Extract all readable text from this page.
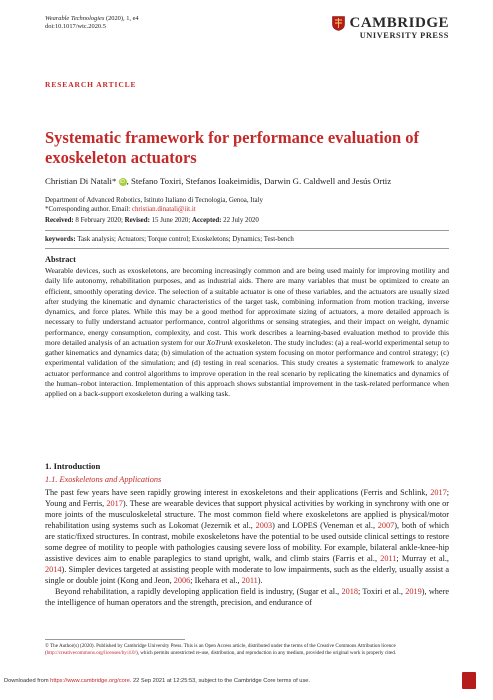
Wearable Technologies (2020), 1, e4
doi:10.1017/wtc.2020.5	CAMBRIDGE
UNIVERSITY PRESS
RESEARCH ARTICLE
Systematic framework for performance evaluation of exoskeleton actuators
Christian Di Natali* iD , Stefano Toxiri, Stefanos Ioakeimidis, Darwin G. Caldwell and Jesús Ortiz
Department of Advanced Robotics, Istituto Italiano di Tecnologia, Genoa, Italy
*Corresponding author. Email: christian.dinatali@iit.it
Received: 8 February 2020; Revised: 15 June 2020; Accepted: 22 July 2020
keywords: Task analysis; Actuators; Torque control; Exoskeletons; Dynamics; Test-bench
Abstract
Wearable devices, such as exoskeletons, are becoming increasingly common and are being used mainly for improving motility and daily life autonomy, rehabilitation purposes, and as industrial aids. There are many variables that must be optimized to create an efficient, smoothly operating device. The selection of a suitable actuator is one of these variables, and the actuators are usually sized after studying the kinematic and dynamic characteristics of the target task, combining information from motion tracking, inverse dynamics, and force plates. While this may be a good method for approximate sizing of actuators, a more detailed approach is necessary to fully understand actuator performance, control algorithms or sensing strategies, and their impact on weight, dynamic performance, energy consumption, complexity, and cost. This work describes a learning-based evaluation method to provide this more detailed analysis of an actuation system for our XoTrunk exoskeleton. The study includes: (a) a real-world experimental setup to gather kinematics and dynamics data; (b) simulation of the actuation system focusing on motor performance and control strategy; (c) experimental validation of the simulation; and (d) testing in real scenarios. This study creates a systematic framework to analyze actuator performance and control algorithms to improve operation in the real scenario by replicating the kinematics and dynamics of the human–robot interaction. Implementation of this approach shows substantial improvement in the task-related performance when applied on a back-support exoskeleton during a walking task.
1. Introduction
1.1. Exoskeletons and Applications

The past few years have seen rapidly growing interest in exoskeletons and their applications (Ferris and Schlink, 2017; Young and Ferris, 2017). These are wearable devices that support physical activities by working in synchrony with one or more joints of the musculoskeletal structure. The most common field where exoskeletons are applied is physical/motor rehabilitation using systems such as Lokomat (Jezernik et al., 2003) and LOPES (Veneman et al., 2007), both of which are static/fixed structures. In contrast, mobile exoskeletons have the potential to be used outside clinical settings to restore some degree of motility to people with pathologies causing severe loss of mobility. For example, bilateral ankle-knee-hip assistive devices aim to enable paraplegics to stand upright, walk, and climb stairs (Farris et al., 2011; Murray et al., 2014). Simpler devices targeted at assisting people with moderate to low impairments, such as the elderly, usually assist a single or double joint (Kong and Jeon, 2006; Ikehara et al., 2011).

Beyond rehabilitation, a rapidly developing application field is industry, (Sugar et al., 2018; Toxiri et al., 2019), where the intelligence of human operators and the strength, precision, and endurance of

© The Author(s) (2020). Published by Cambridge University Press. This is an Open Access article, distributed under the terms of the Creative Commons Attribution licence (http://creativecommons.org/licenses/by/4.0/), which permits unrestricted re-use, distribution, and reproduction in any medium, provided the original work is properly cited.
Downloaded from https://www.cambridge.org/core. 22 Sep 2021 at 12:25:53, subject to the Cambridge Core terms of use.
